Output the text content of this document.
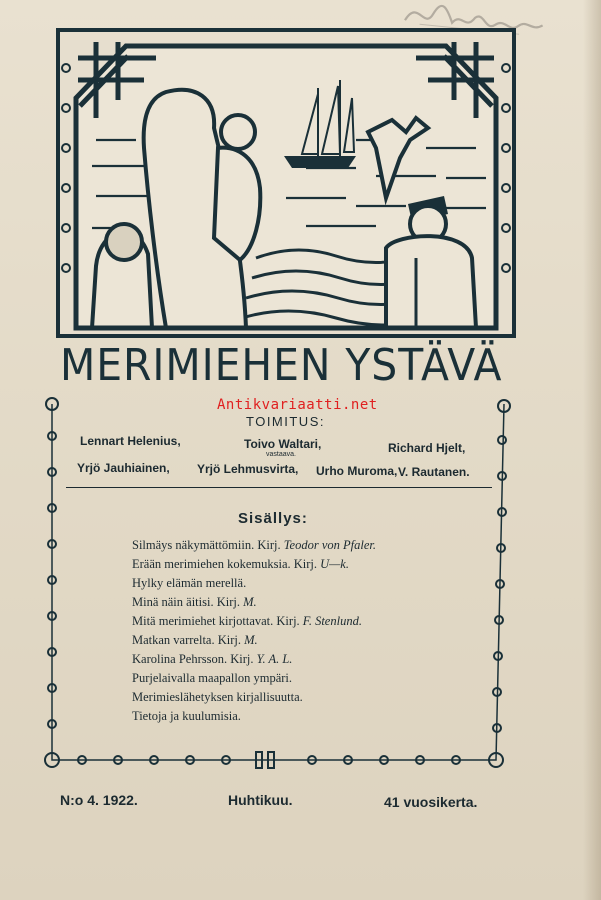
MERIMIEHEN YSTÄVÄ
Antikvariaatti.net
TOIMITUS:
Lennart Helenius,	Toivo Waltari,	Richard Hjelt,
vastaava.
Yrjö Jauhiainen, Yrjö Lehmusvirta, Urho Muroma, V. Rautanen.
Sisällys:
Silmäys näkymättömiin. Kirj. Teodor von Pfaler.
Erään merimiehen kokemuksia. Kirj. U—k.
Hylky elämän merellä.
Minä näin äitisi. Kirj. M.
Mitä merimiehet kirjottavat. Kirj. F. Stenlund.
Matkan varrelta. Kirj. M.
Karolina Pehrsson. Kirj. Y. A. L.
Purjelaivalla maapallon ympäri.
Merimieslähetyksen kirjallisuutta.
Tietoja ja kuulumisia.
N:o 4. 1922.	Huhtikuu.	41 vuosikerta.
